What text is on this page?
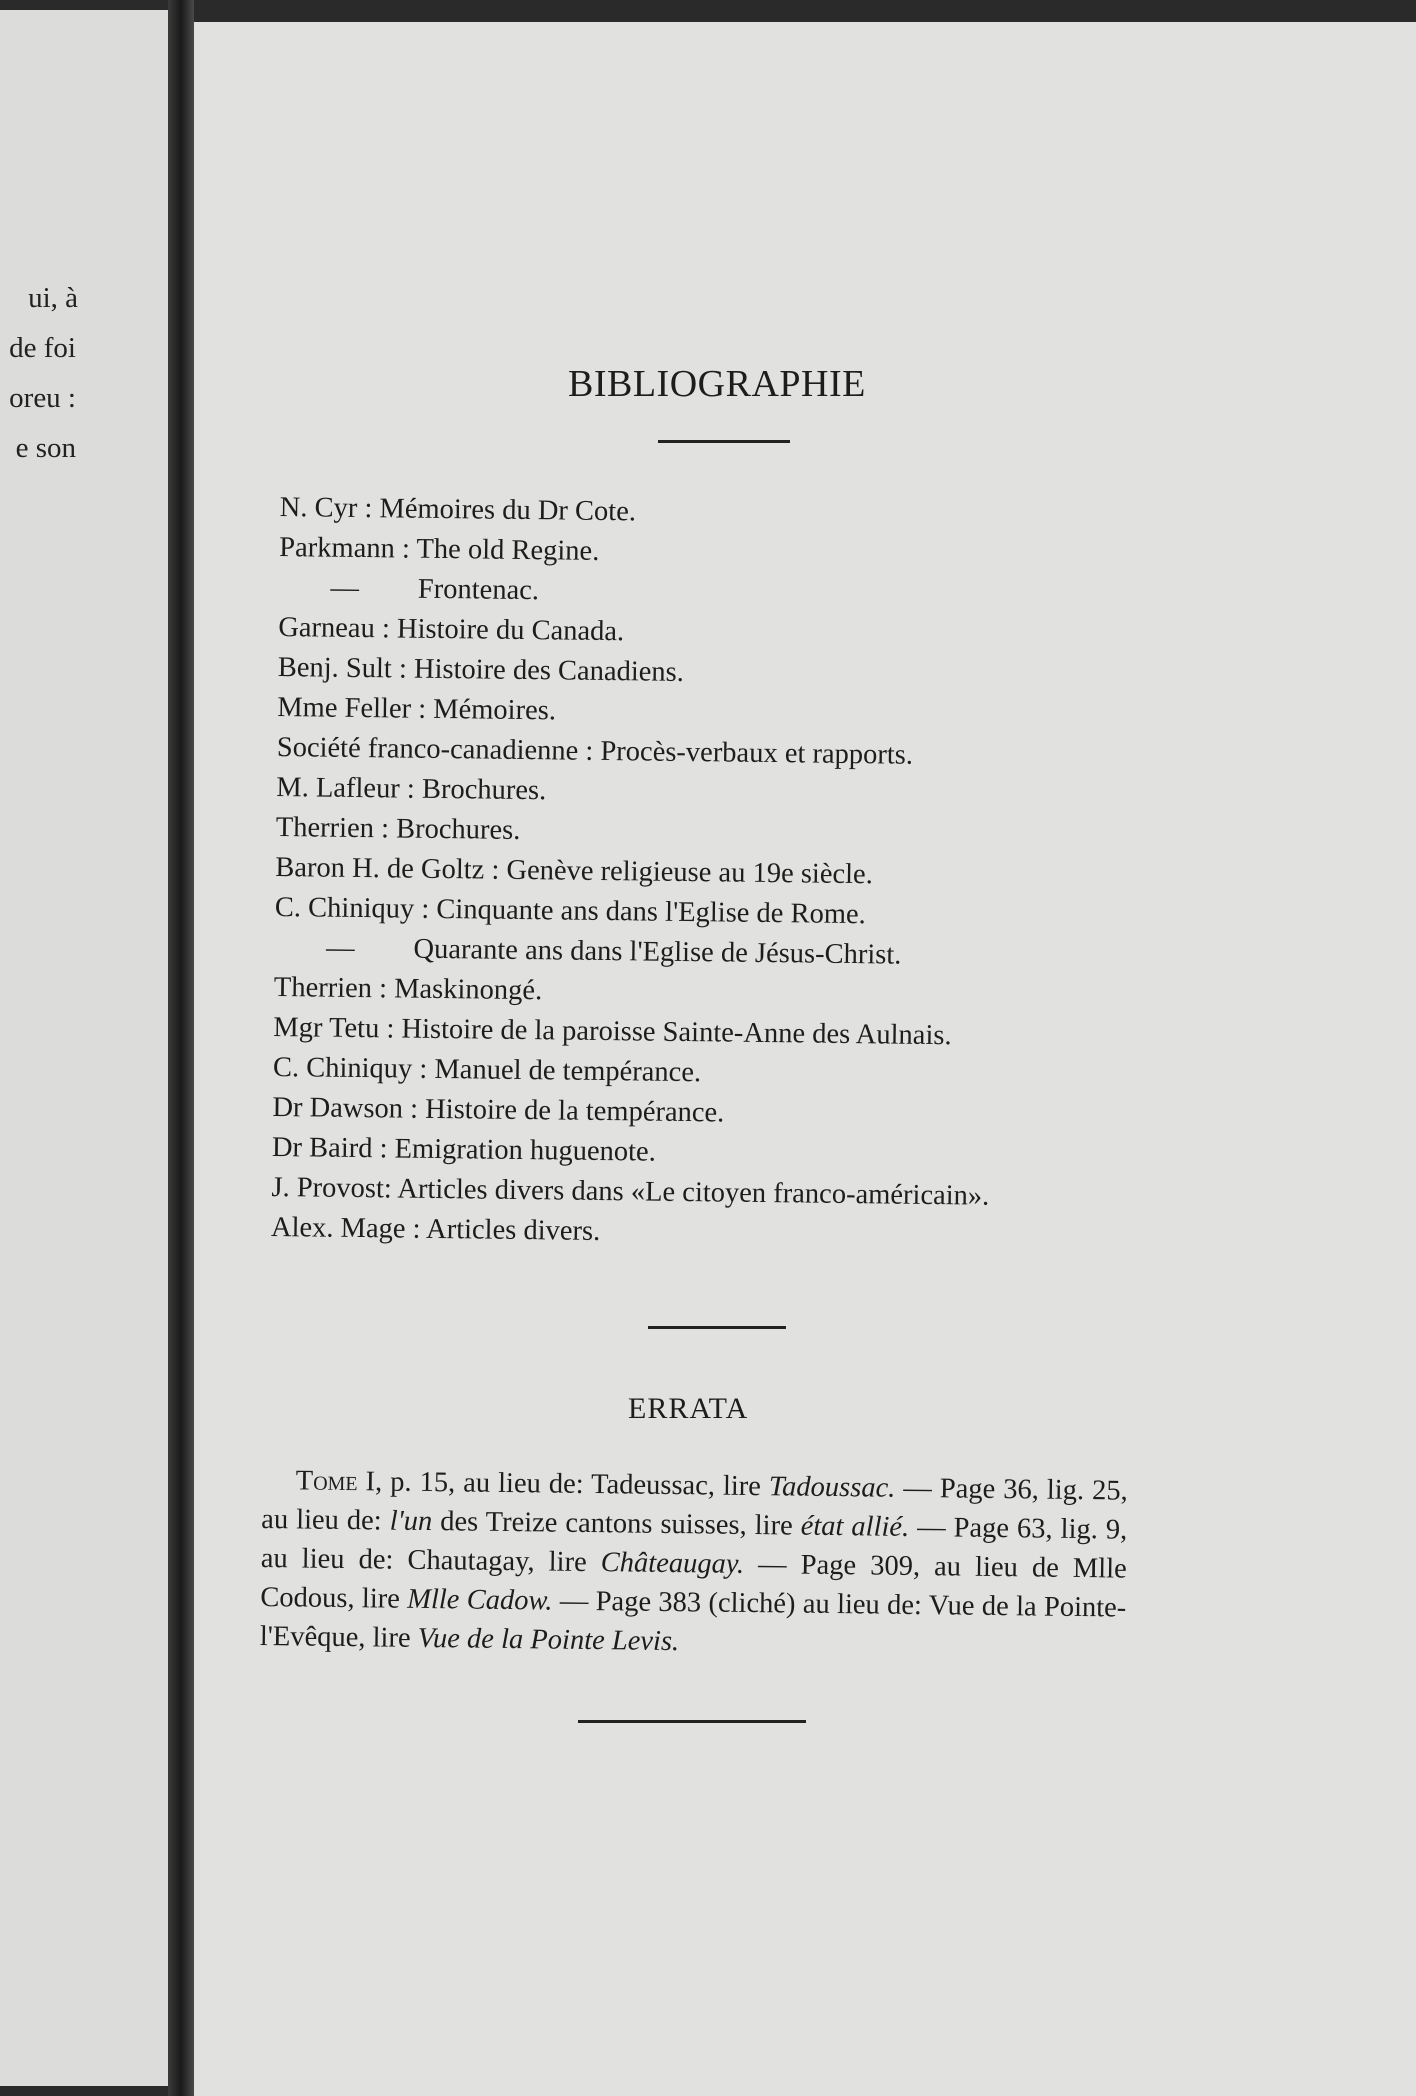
ui, à
de foi
oreu :
e son
BIBLIOGRAPHIE
N. Cyr : Mémoires du Dr Cote.
Parkmann : The old Regine.
— Frontenac.
Garneau : Histoire du Canada.
Benj. Sult : Histoire des Canadiens.
Mme Feller : Mémoires.
Société franco-canadienne : Procès-verbaux et rapports.
M. Lafleur : Brochures.
Therrien : Brochures.
Baron H. de Goltz : Genève religieuse au 19e siècle.
C. Chiniquy : Cinquante ans dans l'Eglise de Rome.
— Quarante ans dans l'Eglise de Jésus-Christ.
Therrien : Maskinongé.
Mgr Tetu : Histoire de la paroisse Sainte-Anne des Aulnais.
C. Chiniquy : Manuel de tempérance.
Dr Dawson : Histoire de la tempérance.
Dr Baird : Emigration huguenote.
J. Provost: Articles divers dans «Le citoyen franco-américain».
Alex. Mage : Articles divers.
ERRATA

Tome I, p. 15, au lieu de: Tadeussac, lire Tadoussac. — Page 36, lig. 25, au lieu de: l'un des Treize cantons suisses, lire état allié. — Page 63, lig. 9, au lieu de: Chautagay, lire Châteaugay. — Page 309, au lieu de Mlle Codous, lire Mlle Cadow. — Page 383 (cliché) au lieu de: Vue de la Pointe-l'Evêque, lire Vue de la Pointe Levis.
